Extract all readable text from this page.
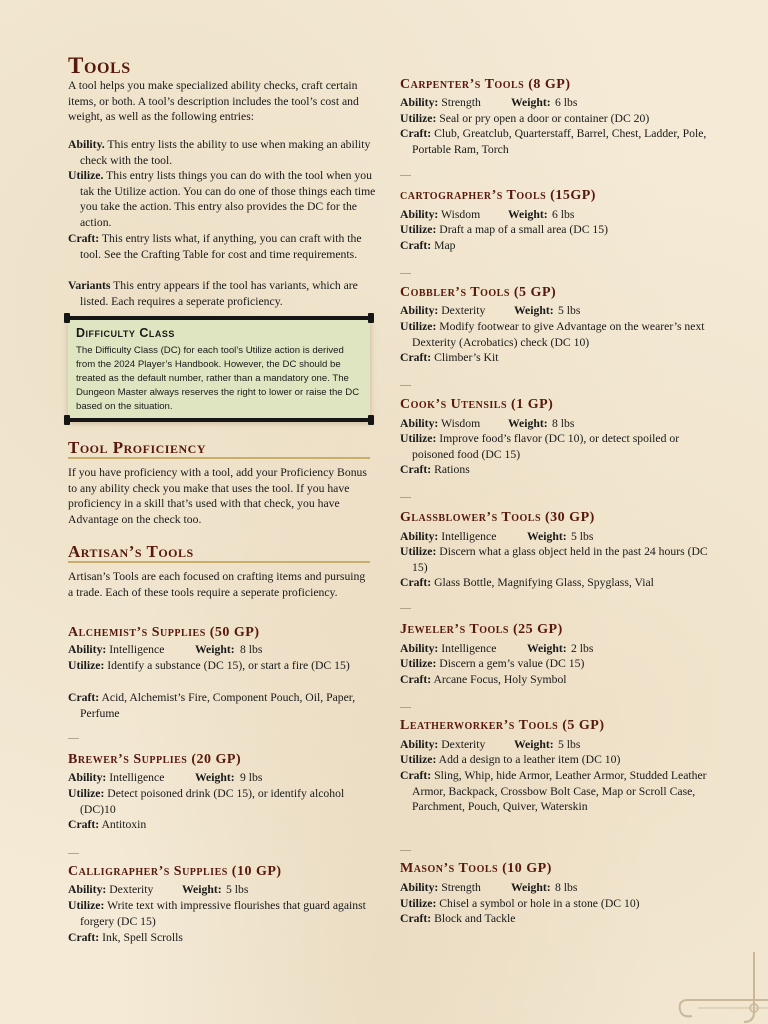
Tools

A tool helps you make specialized ability checks, craft certain items, or both. A tool’s description includes the tool’s cost and weight, as well as the following entries:

Ability. This entry lists the ability to use when making an ability check with the tool.

Utilize. This entry lists things you can do with the tool when you tak the Utilize action. You can do one of those things each time you take the action. This entry also provides the DC for the action.

Craft: This entry lists what, if anything, you can craft with the tool. See the Crafting Table for cost and time requirements.

Variants This entry appears if the tool has variants, which are listed. Each requires a seperate proficiency.

Difficulty Class

The Difficulty Class (DC) for each tool’s Utilize action is derived from the 2024 Player’s Handbook. However, the DC should be treated as the default number, rather than a mandatory one. The Dungeon Master always reserves the right to lower or raise the DC based on the situation.

Tool Proficiency

If you have proficiency with a tool, add your Proficiency Bonus to any ability check you make that uses the tool. If you have proficiency in a skill that’s used with that check, you have Advantage on the check too.

Artisan’s Tools

Artisan’s Tools are each focused on crafting items and pursuing a trade. Each of these tools require a seperate proficiency.

Alchemist’s Supplies (50 GP)

Ability: Intelligence	Weight: 8 lbs

Utilize: Identify a substance (DC 15), or start a fire (DC 15)

Craft: Acid, Alchemist’s Fire, Component Pouch, Oil, Paper, Perfume

—
Brewer’s Supplies (20 GP)

Ability: Intelligence	Weight: 9 lbs

Utilize: Detect poisoned drink (DC 15), or identify alcohol (DC)10

Craft: Antitoxin

—
Calligrapher’s Supplies (10 GP)

Ability: Dexterity Weight: 5 lbs

Utilize: Write text with impressive flourishes that guard against forgery (DC 15)

Craft: Ink, Spell Scrolls

Carpenter’s Tools (8 GP)

Ability: Strength	Weight: 6 lbs

Utilize: Seal or pry open a door or container (DC 20)

Craft: Club, Greatclub, Quarterstaff, Barrel, Chest, Ladder, Pole, Portable Ram, Torch

—
cartographer’s Tools (15GP)

Ability: Wisdom Weight: 6 lbs

Utilize: Draft a map of a small area (DC 15)

Craft: Map

—
Cobbler’s Tools (5 GP)

Ability: Dexterity Weight: 5 lbs

Utilize: Modify footwear to give Advantage on the wearer’s next Dexterity (Acrobatics) check (DC 10)

Craft: Climber’s Kit

—
Cook’s Utensils (1 GP)

Ability: Wisdom Weight: 8 lbs

Utilize: Improve food’s flavor (DC 10), or detect spoiled or poisoned food (DC 15)

Craft: Rations

—
Glassblower’s Tools (30 GP)

Ability: Intelligence	Weight: 5 lbs

Utilize: Discern what a glass object held in the past 24 hours (DC 15)

Craft: Glass Bottle, Magnifying Glass, Spyglass, Vial

—
Jeweler’s Tools (25 GP)

Ability: Intelligence	Weight: 2 lbs

Utilize: Discern a gem’s value (DC 15)

Craft: Arcane Focus, Holy Symbol

—
Leatherworker’s Tools (5 GP)

Ability: Dexterity Weight: 5 lbs

Utilize: Add a design to a leather item (DC 10)

Craft: Sling, Whip, hide Armor, Leather Armor, Studded Leather Armor, Backpack, Crossbow Bolt Case, Map or Scroll Case, Parchment, Pouch, Quiver, Waterskin

—
Mason’s Tools (10 GP)

Ability: Strength	Weight: 8 lbs

Utilize: Chisel a symbol or hole in a stone (DC 10)

Craft: Block and Tackle
